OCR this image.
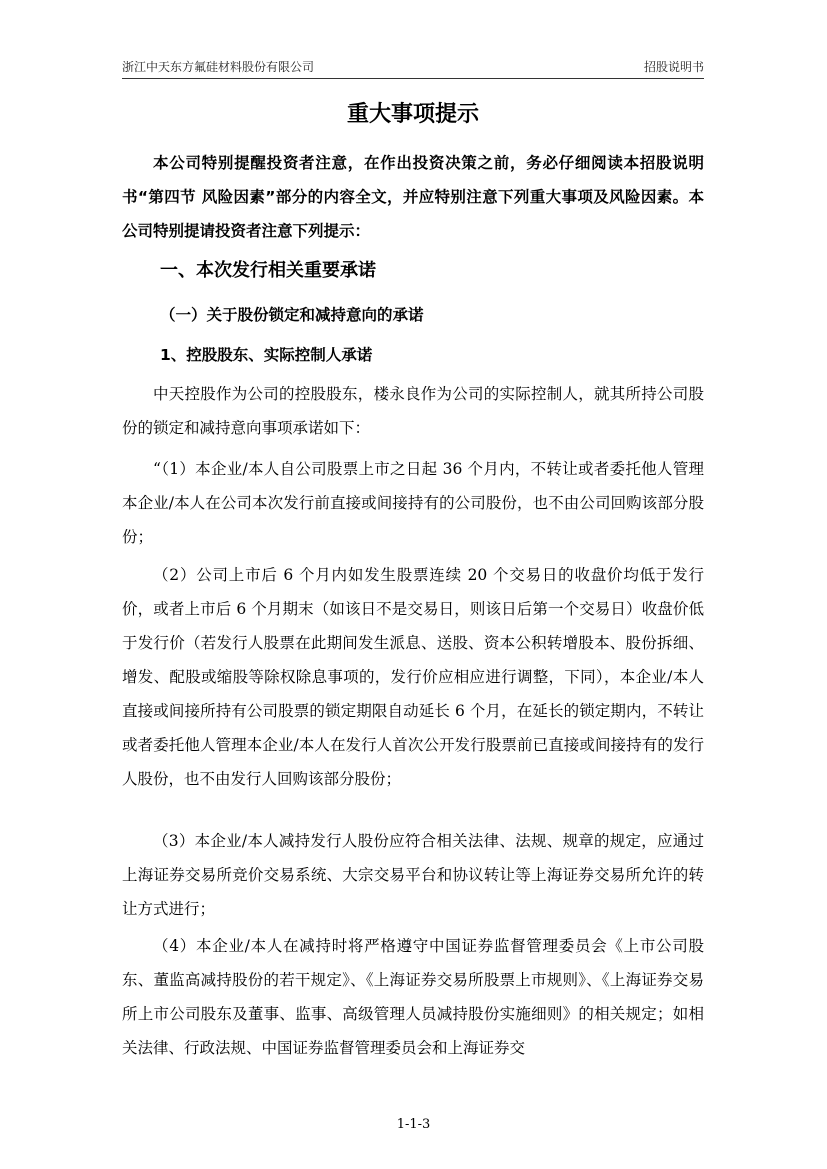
浙江中天东方氟硅材料股份有限公司	招股说明书
重大事项提示

本公司特别提醒投资者注意，在作出投资决策之前，务必仔细阅读本招股说明书“第四节 风险因素”部分的内容全文，并应特别注意下列重大事项及风险因素。本公司特别提请投资者注意下列提示：

一、本次发行相关重要承诺
（一）关于股份锁定和减持意向的承诺
1、控股股东、实际控制人承诺

中天控股作为公司的控股股东，楼永良作为公司的实际控制人，就其所持公司股份的锁定和减持意向事项承诺如下：

“（1）本企业/本人自公司股票上市之日起 36 个月内，不转让或者委托他人管理本企业/本人在公司本次发行前直接或间接持有的公司股份，也不由公司回购该部分股份；

（2）公司上市后 6 个月内如发生股票连续 20 个交易日的收盘价均低于发行价，或者上市后 6 个月期末（如该日不是交易日，则该日后第一个交易日）收盘价低于发行价（若发行人股票在此期间发生派息、送股、资本公积转增股本、股份拆细、增发、配股或缩股等除权除息事项的，发行价应相应进行调整，下同），本企业/本人直接或间接所持有公司股票的锁定期限自动延长 6 个月，在延长的锁定期内，不转让或者委托他人管理本企业/本人在发行人首次公开发行股票前已直接或间接持有的发行人股份，也不由发行人回购该部分股份；

（3）本企业/本人减持发行人股份应符合相关法律、法规、规章的规定，应通过上海证券交易所竞价交易系统、大宗交易平台和协议转让等上海证券交易所允许的转让方式进行；

（4）本企业/本人在减持时将严格遵守中国证券监督管理委员会《上市公司股东、董监高减持股份的若干规定》、《上海证券交易所股票上市规则》、《上海证券交易所上市公司股东及董事、监事、高级管理人员减持股份实施细则》的相关规定；如相关法律、行政法规、中国证券监督管理委员会和上海证券交

1-1-3
